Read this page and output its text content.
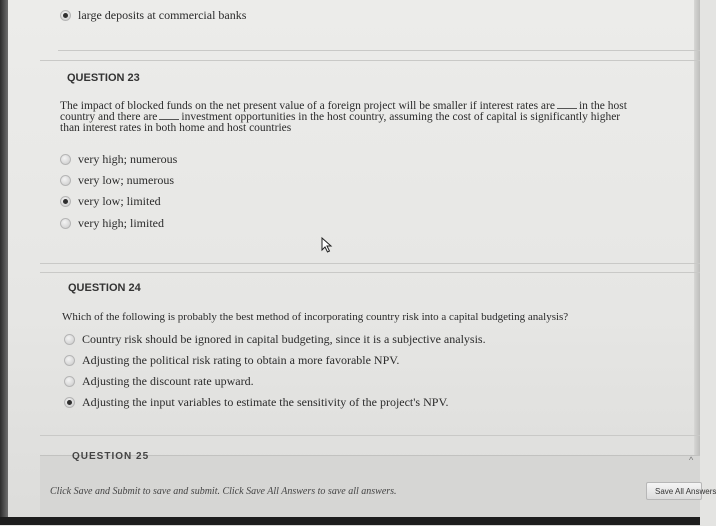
large deposits at commercial banks
QUESTION 23
The impact of blocked funds on the net present value of a foreign project will be smaller if interest rates are in the host
country and there are investment opportunities in the host country, assuming the cost of capital is significantly higher
than interest rates in both home and host countries
very high; numerous
very low; numerous
very low; limited
very high; limited
QUESTION 24
Which of the following is probably the best method of incorporating country risk into a capital budgeting analysis?
Country risk should be ignored in capital budgeting, since it is a subjective analysis.
Adjusting the political risk rating to obtain a more favorable NPV.
Adjusting the discount rate upward.
Adjusting the input variables to estimate the sensitivity of the project's NPV.
QUESTION 25	^
Click Save and Submit to save and submit. Click Save All Answers to save all answers.	Save All Answers
